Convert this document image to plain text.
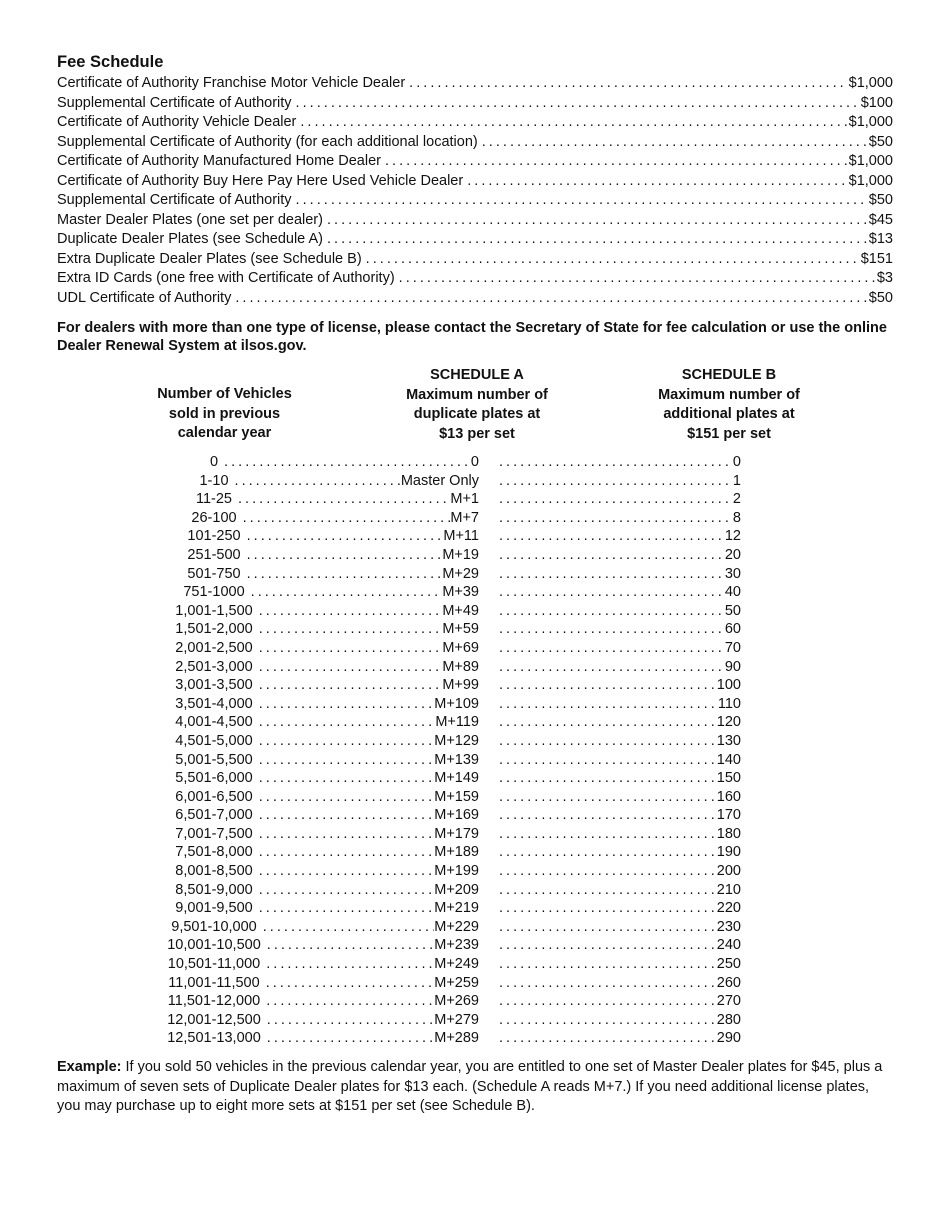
Fee Schedule
Certificate of Authority Franchise Motor Vehicle Dealer . . .	$1,000
Supplemental Certificate of Authority . . .	$100
Certificate of Authority Vehicle Dealer . . .	$1,000
Supplemental Certificate of Authority (for each additional location) . . .	$50
Certificate of Authority Manufactured Home Dealer . . .	$1,000
Certificate of Authority Buy Here Pay Here Used Vehicle Dealer . . .	$1,000
Supplemental Certificate of Authority . . .	$50
Master Dealer Plates (one set per dealer) . . .	$45
Duplicate Dealer Plates (see Schedule A) . . .	$13
Extra Duplicate Dealer Plates (see Schedule B) . . .	$151
Extra ID Cards (one free with Certificate of Authority) . . .	$3
UDL Certificate of Authority . . .	$50
For dealers with more than one type of license, please contact the Secretary of State for fee calculation or use the online Dealer Renewal System at ilsos.gov.
Number of Vehicles
sold in previous
calendar year
SCHEDULE A
Maximum number of
duplicate plates at
$13 per set
SCHEDULE B
Maximum number of
additional plates at
$151 per set
0 . . .	0 . . .	0
1-10 . . .	Master Only . . .	1
11-25 . . .	M+1 . . .	2
26-100 . . .	M+7 . . .	8
101-250 . . .	M+11 . . .	12
251-500 . . .	M+19 . . .	20
501-750 . . .	M+29 . . .	30
751-1000 . . .	M+39 . . .	40
1,001-1,500 . . .	M+49 . . .	50
1,501-2,000 . . .	M+59 . . .	60
2,001-2,500 . . .	M+69 . . .	70
2,501-3,000 . . .	M+89 . . .	90
3,001-3,500 . . .	M+99 . . .	100
3,501-4,000 . . .	M+109 . . .	110
4,001-4,500 . . .	M+119 . . .	120
4,501-5,000 . . .	M+129 . . .	130
5,001-5,500 . . .	M+139 . . .	140
5,501-6,000 . . .	M+149 . . .	150
6,001-6,500 . . .	M+159 . . .	160
6,501-7,000 . . .	M+169 . . .	170
7,001-7,500 . . .	M+179 . . .	180
7,501-8,000 . . .	M+189 . . .	190
8,001-8,500 . . .	M+199 . . .	200
8,501-9,000 . . .	M+209 . . .	210
9,001-9,500 . . .	M+219 . . .	220
9,501-10,000 . . .	M+229 . . .	230
10,001-10,500 . . .	M+239 . . .	240
10,501-11,000 . . .	M+249 . . .	250
11,001-11,500 . . .	M+259 . . .	260
11,501-12,000 . . .	M+269 . . .	270
12,001-12,500 . . .	M+279 . . .	280
12,501-13,000 . . .	M+289 . . .	290
Example: If you sold 50 vehicles in the previous calendar year, you are entitled to one set of Master Dealer plates for $45, plus a maximum of seven sets of Duplicate Dealer plates for $13 each. (Schedule A reads M+7.) If you need additional license plates, you may purchase up to eight more sets at $151 per set (see Schedule B).
